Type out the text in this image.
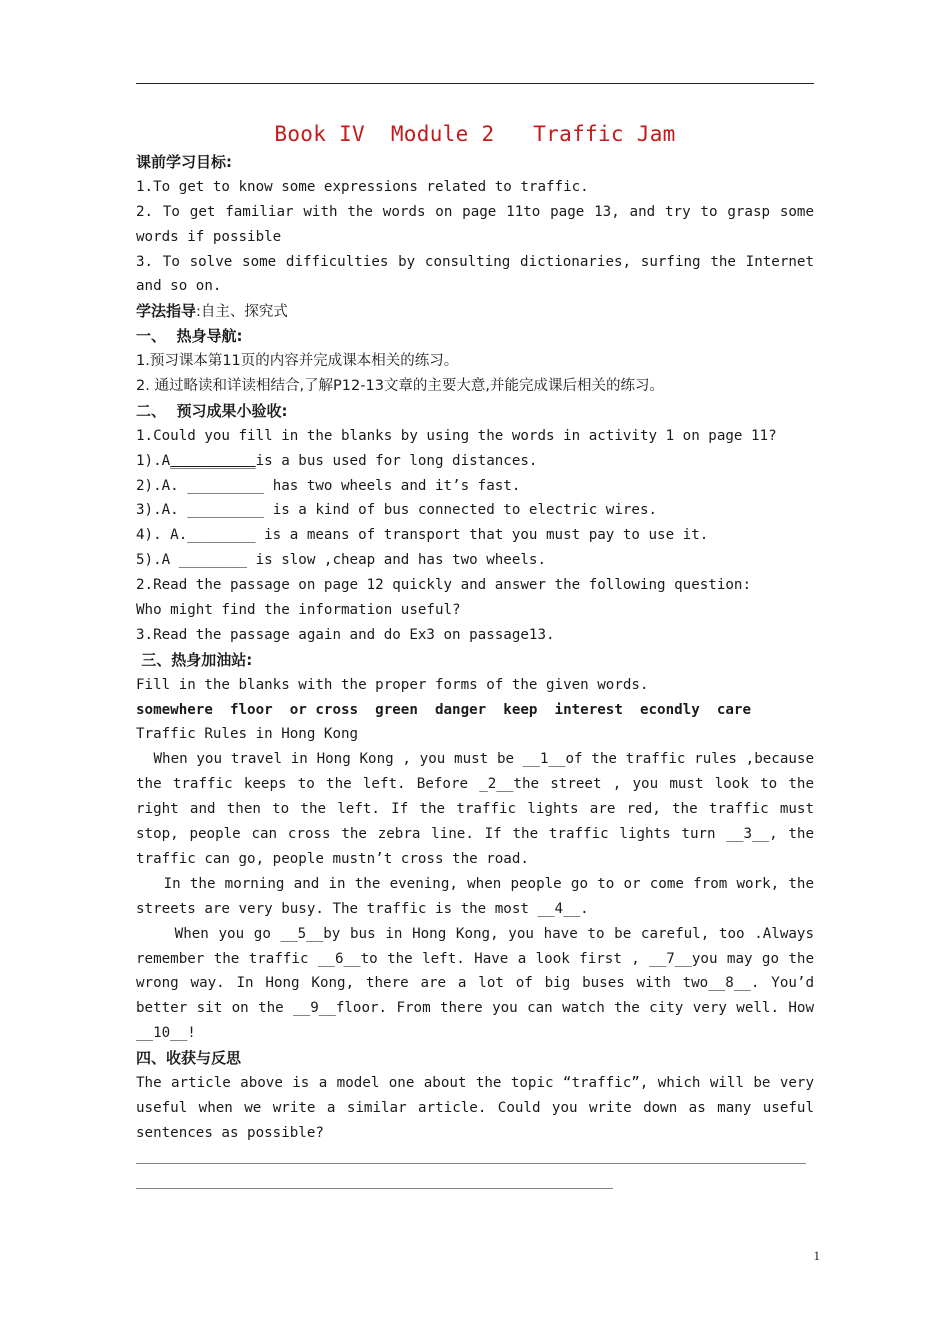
Book IV  Module 2   Traffic Jam
课前学习目标:
1.To get to know some expressions related to traffic.
2. To get familiar with the words on page 11to page 13, and try to grasp some
words if possible
3. To solve some difficulties by consulting dictionaries, surfing the Internet
and so on.
学法指导:自主、探究式
一、  热身导航:
1.预习课本第11页的内容并完成课本相关的练习。
2. 通过略读和详读相结合,了解P12-13文章的主要大意,并能完成课后相关的练习。
二、  预习成果小验收:
1.Could you fill in the blanks by using the words in activity 1 on page 11?
1).A__________is a bus used for long distances.
2).A. _________ has two wheels and it’s fast.
3).A. _________ is a kind of bus connected to electric wires.
4). A.________ is a means of transport that you must pay to use it.
5).A ________ is slow ,cheap and has two wheels.
2.Read the passage on page 12 quickly and answer the following question:
Who might find the information useful?
3.Read the passage again and do Ex3 on passage13.
三、热身加油站:
Fill in the blanks with the proper forms of the given words.
somewhere  floor  or cross  green  danger  keep  interest  econdly  care
Traffic Rules in Hong Kong
When you travel in Hong Kong , you must be __1__of the traffic rules ,because
the traffic keeps to the left. Before _2__the street , you must look to the
right and then to the left. If the traffic lights are red, the traffic must
stop, people can cross the zebra line. If the traffic lights turn __3__, the
traffic can go, people mustn’t cross the road.
In the morning and in the evening, when people go to or come from work, the
streets are very busy. The traffic is the most __4__.
When you go __5__by bus in Hong Kong, you have to be careful, too .Always
remember the traffic __6__to the left. Have a look first , __7__you may go the
wrong way. In Hong Kong, there are a lot of big buses with two__8__. You’d
better sit on the __9__floor. From there you can watch the city very well. How
__10__!
四、收获与反思
The article above is a model one about the topic “traffic”, which will be very
useful when we write a similar article. Could you write down as many useful
sentences as possible?
1
